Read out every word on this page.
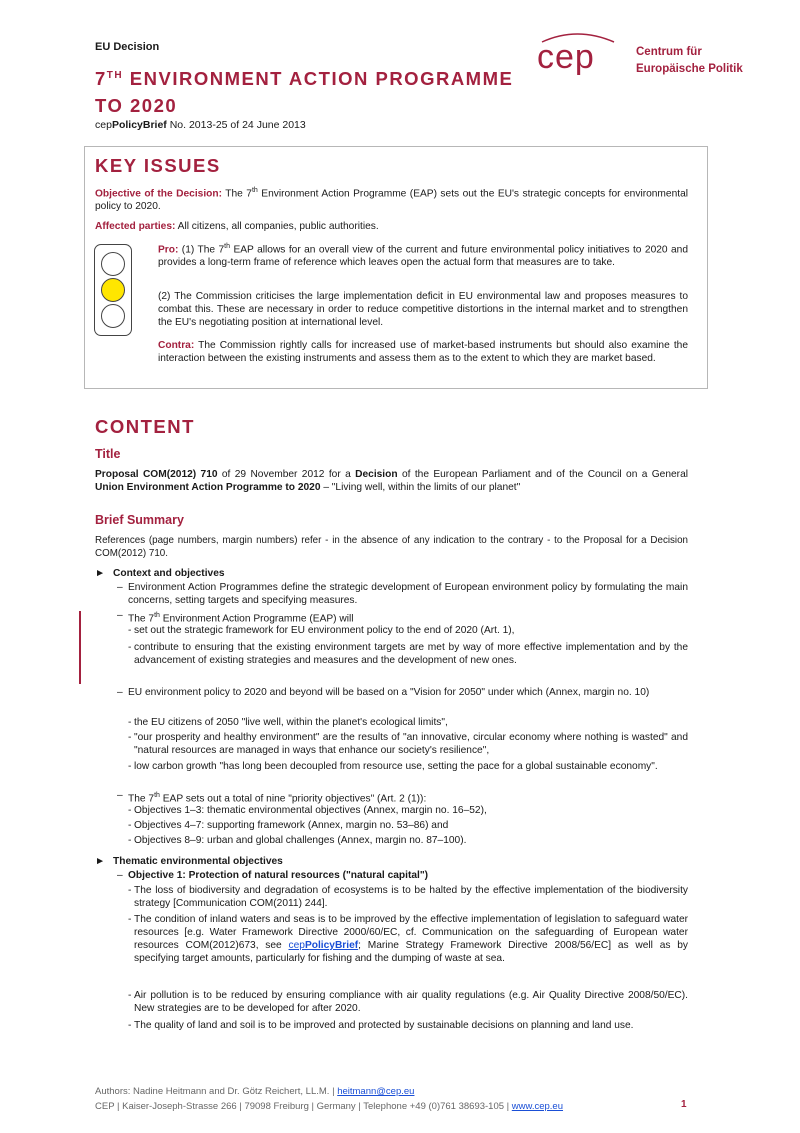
EU Decision
7TH ENVIRONMENT ACTION PROGRAMME
TO 2020
cepPolicyBrief No. 2013-25 of 24 June 2013
cep	Centrum für
Europäische Politik
KEY ISSUES
Objective of the Decision: The 7th Environment Action Programme (EAP) sets out the EU's strategic concepts for environmental policy to 2020.
Affected parties: All citizens, all companies, public authorities.
Pro: (1) The 7th EAP allows for an overall view of the current and future environmental policy initiatives to 2020 and provides a long-term frame of reference which leaves open the actual form that measures are to take.
(2) The Commission criticises the large implementation deficit in EU environmental law and proposes measures to combat this. These are necessary in order to reduce competitive distortions in the internal market and to strengthen the EU's negotiating position at international level.
Contra: The Commission rightly calls for increased use of market-based instruments but should also examine the interaction between the existing instruments and assess them as to the extent to which they are market based.
CONTENT
Title
Proposal COM(2012) 710 of 29 November 2012 for a Decision of the European Parliament and of the Council on a General Union Environment Action Programme to 2020 – "Living well, within the limits of our planet"
Brief Summary
References (page numbers, margin numbers) refer - in the absence of any indication to the contrary - to the Proposal for a Decision COM(2012) 710.
► Context and objectives
– Environment Action Programmes define the strategic development of European environment policy by formulating the main concerns, setting targets and specifying measures.
– The 7th Environment Action Programme (EAP) will
- set out the strategic framework for EU environment policy to the end of 2020 (Art. 1),
- contribute to ensuring that the existing environment targets are met by way of more effective implementation and by the advancement of existing strategies and measures and the development of new ones.
– EU environment policy to 2020 and beyond will be based on a "Vision for 2050" under which (Annex, margin no. 10)
- the EU citizens of 2050 "live well, within the planet's ecological limits",
- "our prosperity and healthy environment" are the results of "an innovative, circular economy where nothing is wasted" and "natural resources are managed in ways that enhance our society's resilience",
- low carbon growth "has long been decoupled from resource use, setting the pace for a global sustainable economy".
– The 7th EAP sets out a total of nine "priority objectives" (Art. 2 (1)):
- Objectives 1–3: thematic environmental objectives (Annex, margin no. 16–52),
- Objectives 4–7: supporting framework (Annex, margin no. 53–86) and
- Objectives 8–9: urban and global challenges (Annex, margin no. 87–100).
► Thematic environmental objectives
– Objective 1: Protection of natural resources ("natural capital")
- The loss of biodiversity and degradation of ecosystems is to be halted by the effective implementation of the biodiversity strategy [Communication COM(2011) 244].
- The condition of inland waters and seas is to be improved by the effective implementation of legislation to safeguard water resources [e.g. Water Framework Directive 2000/60/EC, cf. Communication on the safeguarding of European water resources COM(2012)673, see cepPolicyBrief; Marine Strategy Framework Directive 2008/56/EC] as well as by specifying target amounts, particularly for fishing and the dumping of waste at sea.
- Air pollution is to be reduced by ensuring compliance with air quality regulations (e.g. Air Quality Directive 2008/50/EC). New strategies are to be developed for after 2020.
- The quality of land and soil is to be improved and protected by sustainable decisions on planning and land use.
Authors: Nadine Heitmann and Dr. Götz Reichert, LL.M. | heitmann@cep.eu
CEP | Kaiser-Joseph-Strasse 266 | 79098 Freiburg | Germany | Telephone +49 (0)761 38693-105 | www.cep.eu	1
